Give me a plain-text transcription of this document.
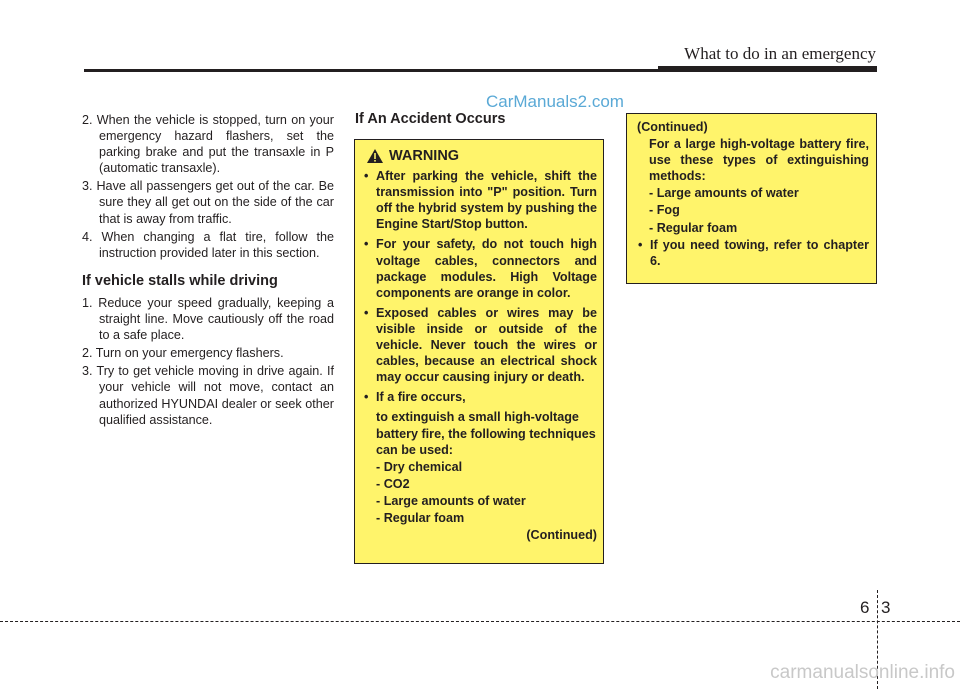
What to do in an emergency
CarManuals2.com

2. When the vehicle is stopped, turn on your emergency hazard flashers, set the parking brake and put the transaxle in P (automatic transaxle).

3. Have all passengers get out of the car. Be sure they all get out on the side of the car that is away from traffic.

4. When changing a flat tire, follow the instruction provided later in this section.

If vehicle stalls while driving

1. Reduce your speed gradually, keeping a straight line. Move cautiously off the road to a safe place.

2. Turn on your emergency flashers.

3. Try to get vehicle moving in drive again. If your vehicle will not move, contact an authorized HYUNDAI dealer or seek other qualified assistance.

If An Accident Occurs
WARNING
• After parking the vehicle, shift the transmission into "P" position. Turn off the hybrid system by pushing the Engine Start/Stop button.
• For your safety, do not touch high voltage cables, connectors and package modules. High Voltage components are orange in color.
• Exposed cables or wires may be visible inside or outside of the vehicle. Never touch the wires or cables, because an electrical shock may occur causing injury or death.
• If a fire occurs,
to extinguish a small high-voltage battery fire, the following techniques can be used:
- Dry chemical
- CO2
- Large amounts of water
- Regular foam
(Continued)
(Continued)
For a large high-voltage battery fire, use these types of extinguishing methods:
- Large amounts of water
- Fog
- Regular foam
• If you need towing, refer to chapter 6.
6 3
carmanualsonline.info
